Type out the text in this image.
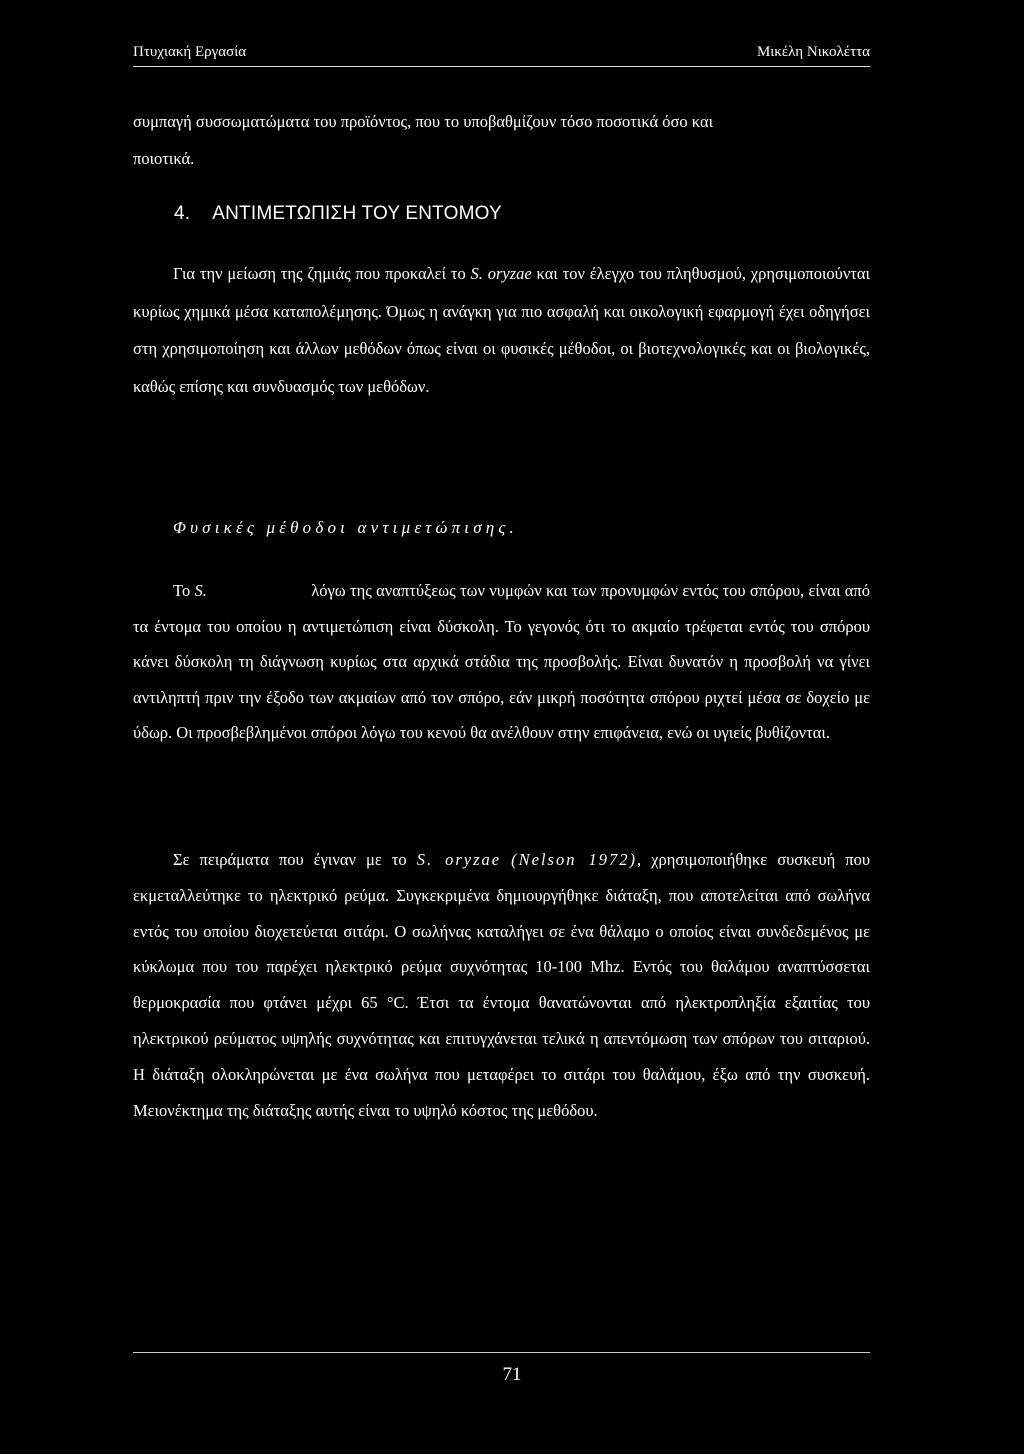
Πτυχιακή Εργασία	Μικέλη Νικολέττα
συμπαγή συσσωματώματα του προϊόντος, που το υποβαθμίζουν τόσο ποσοτικά όσο και
ποιοτικά.
4. ΑΝΤΙΜΕΤΩΠΙΣΗ ΤΟΥ ΕΝΤΟΜΟΥ
Για την μείωση της ζημιάς που προκαλεί το S. oryzae και τον έλεγχο του πληθυσμού, χρησιμοποιούνται κυρίως χημικά μέσα καταπολέμησης. Όμως η ανάγκη για πιο ασφαλή και οικολογική εφαρμογή έχει οδηγήσει στη χρησιμοποίηση και άλλων μεθόδων όπως είναι οι φυσικές μέθοδοι, οι βιοτεχνολογικές και οι βιολογικές, καθώς επίσης και συνδυασμός των μεθόδων.
Φυσικές μέθοδοι αντιμετώπισης.
Το S.	λόγω της αναπτύξεως των νυμφών και των προνυμφών εντός του σπόρου, είναι από τα έντομα του οποίου η αντιμετώπιση είναι δύσκολη. Το γεγονός ότι το ακμαίο τρέφεται εντός του σπόρου κάνει δύσκολη τη διάγνωση κυρίως στα αρχικά στάδια της προσβολής. Είναι δυνατόν η προσβολή να γίνει αντιληπτή πριν την έξοδο των ακμαίων από τον σπόρο, εάν μικρή ποσότητα σπόρου ριχτεί μέσα σε δοχείο με ύδωρ. Οι προσβεβλημένοι σπόροι λόγω του κενού θα ανέλθουν στην επιφάνεια, ενώ οι υγιείς βυθίζονται.
Σε πειράματα που έγιναν με το S. oryzae (Nelson 1972), χρησιμοποιήθηκε συσκευή που εκμεταλλεύτηκε το ηλεκτρικό ρεύμα. Συγκεκριμένα δημιουργήθηκε διάταξη, που αποτελείται από σωλήνα εντός του οποίου διοχετεύεται σιτάρι. Ο σωλήνας καταλήγει σε ένα θάλαμο ο οποίος είναι συνδεδεμένος με κύκλωμα που του παρέχει ηλεκτρικό ρεύμα συχνότητας 10-100 Mhz. Εντός του θαλάμου αναπτύσσεται θερμοκρασία που φτάνει μέχρι 65 °C. Έτσι τα έντομα θανατώνονται από ηλεκτροπληξία εξαιτίας του ηλεκτρικού ρεύματος υψηλής συχνότητας και επιτυγχάνεται τελικά η απεντόμωση των σπόρων του σιταριού. Η διάταξη ολοκληρώνεται με ένα σωλήνα που μεταφέρει το σιτάρι του θαλάμου, έξω από την συσκευή. Μειονέκτημα της διάταξης αυτής είναι το υψηλό κόστος της μεθόδου.
71
